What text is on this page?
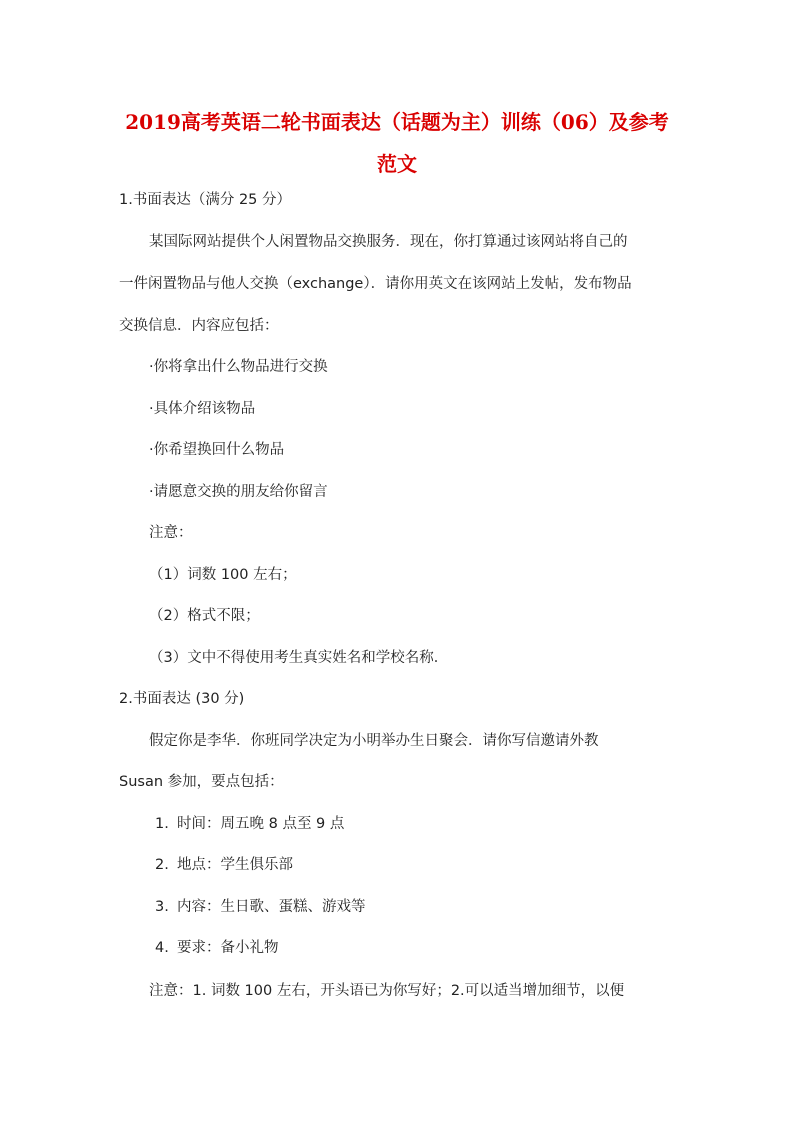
2019高考英语二轮书面表达（话题为主）训练（06）及参考
范文
1.书面表达（满分 25 分）
某国际网站提供个人闲置物品交换服务．现在，你打算通过该网站将自己的
一件闲置物品与他人交换（exchange）．请你用英文在该网站上发帖，发布物品
交换信息．内容应包括：
·你将拿出什么物品进行交换
·具体介绍该物品
·你希望换回什么物品
·请愿意交换的朋友给你留言
注意：
（1）词数 100 左右；
（2）格式不限；
（3）文中不得使用考生真实姓名和学校名称．
2.书面表达 (30 分)
假定你是李华．你班同学决定为小明举办生日聚会．请你写信邀请外教
Susan 参加，要点包括：
1. 时间：周五晚 8 点至 9 点
2. 地点：学生俱乐部
3. 内容：生日歌、蛋糕、游戏等
4. 要求：备小礼物
注意：1. 词数 100 左右，开头语已为你写好；2.可以适当增加细节，以便
